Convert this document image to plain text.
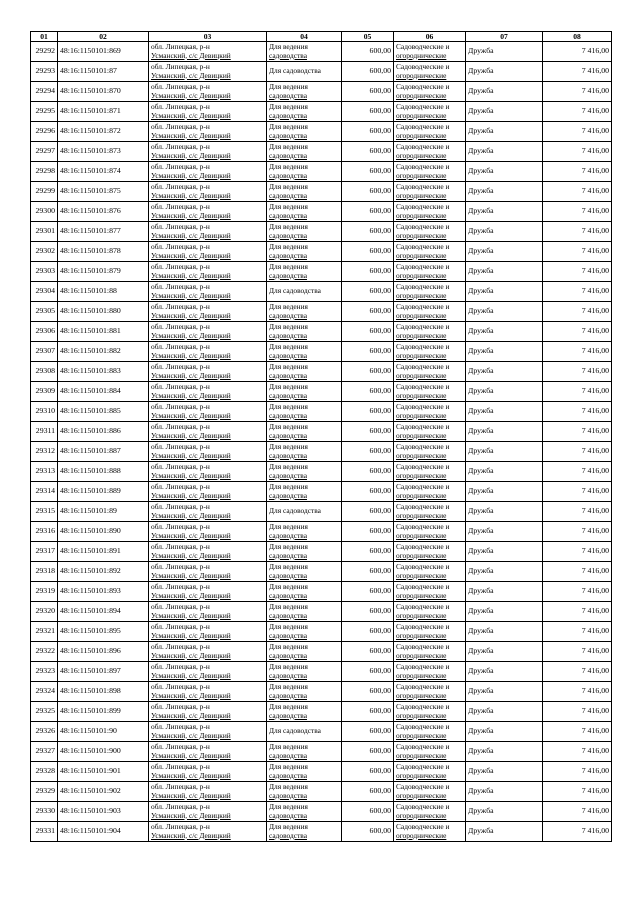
01	02	03	04	05	06	07	08
29292	48:16:1150101:869	обл. Липецкая, р-н
Усманский, с/с Девицкий	Для ведения
садоводства	600,00	Садоводческие и
огороднические	Дружба	7 416,00
29293	48:16:1150101:87	обл. Липецкая, р-н
Усманский, с/с Девицкий	Для садоводства	600,00	Садоводческие и
огороднические	Дружба	7 416,00
29294	48:16:1150101:870	обл. Липецкая, р-н
Усманский, с/с Девицкий	Для ведения
садоводства	600,00	Садоводческие и
огороднические	Дружба	7 416,00
29295	48:16:1150101:871	обл. Липецкая, р-н
Усманский, с/с Девицкий	Для ведения
садоводства	600,00	Садоводческие и
огороднические	Дружба	7 416,00
29296	48:16:1150101:872	обл. Липецкая, р-н
Усманский, с/с Девицкий	Для ведения
садоводства	600,00	Садоводческие и
огороднические	Дружба	7 416,00
29297	48:16:1150101:873	обл. Липецкая, р-н
Усманский, с/с Девицкий	Для ведения
садоводства	600,00	Садоводческие и
огороднические	Дружба	7 416,00
29298	48:16:1150101:874	обл. Липецкая, р-н
Усманский, с/с Девицкий	Для ведения
садоводства	600,00	Садоводческие и
огороднические	Дружба	7 416,00
29299	48:16:1150101:875	обл. Липецкая, р-н
Усманский, с/с Девицкий	Для ведения
садоводства	600,00	Садоводческие и
огороднические	Дружба	7 416,00
29300	48:16:1150101:876	обл. Липецкая, р-н
Усманский, с/с Девицкий	Для ведения
садоводства	600,00	Садоводческие и
огороднические	Дружба	7 416,00
29301	48:16:1150101:877	обл. Липецкая, р-н
Усманский, с/с Девицкий	Для ведения
садоводства	600,00	Садоводческие и
огороднические	Дружба	7 416,00
29302	48:16:1150101:878	обл. Липецкая, р-н
Усманский, с/с Девицкий	Для ведения
садоводства	600,00	Садоводческие и
огороднические	Дружба	7 416,00
29303	48:16:1150101:879	обл. Липецкая, р-н
Усманский, с/с Девицкий	Для ведения
садоводства	600,00	Садоводческие и
огороднические	Дружба	7 416,00
29304	48:16:1150101:88	обл. Липецкая, р-н
Усманский, с/с Девицкий	Для садоводства	600,00	Садоводческие и
огороднические	Дружба	7 416,00
29305	48:16:1150101:880	обл. Липецкая, р-н
Усманский, с/с Девицкий	Для ведения
садоводства	600,00	Садоводческие и
огороднические	Дружба	7 416,00
29306	48:16:1150101:881	обл. Липецкая, р-н
Усманский, с/с Девицкий	Для ведения
садоводства	600,00	Садоводческие и
огороднические	Дружба	7 416,00
29307	48:16:1150101:882	обл. Липецкая, р-н
Усманский, с/с Девицкий	Для ведения
садоводства	600,00	Садоводческие и
огороднические	Дружба	7 416,00
29308	48:16:1150101:883	обл. Липецкая, р-н
Усманский, с/с Девицкий	Для ведения
садоводства	600,00	Садоводческие и
огороднические	Дружба	7 416,00
29309	48:16:1150101:884	обл. Липецкая, р-н
Усманский, с/с Девицкий	Для ведения
садоводства	600,00	Садоводческие и
огороднические	Дружба	7 416,00
29310	48:16:1150101:885	обл. Липецкая, р-н
Усманский, с/с Девицкий	Для ведения
садоводства	600,00	Садоводческие и
огороднические	Дружба	7 416,00
29311	48:16:1150101:886	обл. Липецкая, р-н
Усманский, с/с Девицкий	Для ведения
садоводства	600,00	Садоводческие и
огороднические	Дружба	7 416,00
29312	48:16:1150101:887	обл. Липецкая, р-н
Усманский, с/с Девицкий	Для ведения
садоводства	600,00	Садоводческие и
огороднические	Дружба	7 416,00
29313	48:16:1150101:888	обл. Липецкая, р-н
Усманский, с/с Девицкий	Для ведения
садоводства	600,00	Садоводческие и
огороднические	Дружба	7 416,00
29314	48:16:1150101:889	обл. Липецкая, р-н
Усманский, с/с Девицкий	Для ведения
садоводства	600,00	Садоводческие и
огороднические	Дружба	7 416,00
29315	48:16:1150101:89	обл. Липецкая, р-н
Усманский, с/с Девицкий	Для садоводства	600,00	Садоводческие и
огороднические	Дружба	7 416,00
29316	48:16:1150101:890	обл. Липецкая, р-н
Усманский, с/с Девицкий	Для ведения
садоводства	600,00	Садоводческие и
огороднические	Дружба	7 416,00
29317	48:16:1150101:891	обл. Липецкая, р-н
Усманский, с/с Девицкий	Для ведения
садоводства	600,00	Садоводческие и
огороднические	Дружба	7 416,00
29318	48:16:1150101:892	обл. Липецкая, р-н
Усманский, с/с Девицкий	Для ведения
садоводства	600,00	Садоводческие и
огороднические	Дружба	7 416,00
29319	48:16:1150101:893	обл. Липецкая, р-н
Усманский, с/с Девицкий	Для ведения
садоводства	600,00	Садоводческие и
огороднические	Дружба	7 416,00
29320	48:16:1150101:894	обл. Липецкая, р-н
Усманский, с/с Девицкий	Для ведения
садоводства	600,00	Садоводческие и
огороднические	Дружба	7 416,00
29321	48:16:1150101:895	обл. Липецкая, р-н
Усманский, с/с Девицкий	Для ведения
садоводства	600,00	Садоводческие и
огороднические	Дружба	7 416,00
29322	48:16:1150101:896	обл. Липецкая, р-н
Усманский, с/с Девицкий	Для ведения
садоводства	600,00	Садоводческие и
огороднические	Дружба	7 416,00
29323	48:16:1150101:897	обл. Липецкая, р-н
Усманский, с/с Девицкий	Для ведения
садоводства	600,00	Садоводческие и
огороднические	Дружба	7 416,00
29324	48:16:1150101:898	обл. Липецкая, р-н
Усманский, с/с Девицкий	Для ведения
садоводства	600,00	Садоводческие и
огороднические	Дружба	7 416,00
29325	48:16:1150101:899	обл. Липецкая, р-н
Усманский, с/с Девицкий	Для ведения
садоводства	600,00	Садоводческие и
огороднические	Дружба	7 416,00
29326	48:16:1150101:90	обл. Липецкая, р-н
Усманский, с/с Девицкий	Для садоводства	600,00	Садоводческие и
огороднические	Дружба	7 416,00
29327	48:16:1150101:900	обл. Липецкая, р-н
Усманский, с/с Девицкий	Для ведения
садоводства	600,00	Садоводческие и
огороднические	Дружба	7 416,00
29328	48:16:1150101:901	обл. Липецкая, р-н
Усманский, с/с Девицкий	Для ведения
садоводства	600,00	Садоводческие и
огороднические	Дружба	7 416,00
29329	48:16:1150101:902	обл. Липецкая, р-н
Усманский, с/с Девицкий	Для ведения
садоводства	600,00	Садоводческие и
огороднические	Дружба	7 416,00
29330	48:16:1150101:903	обл. Липецкая, р-н
Усманский, с/с Девицкий	Для ведения
садоводства	600,00	Садоводческие и
огороднические	Дружба	7 416,00
29331	48:16:1150101:904	обл. Липецкая, р-н
Усманский, с/с Девицкий	Для ведения
садоводства	600,00	Садоводческие и
огороднические	Дружба	7 416,00
